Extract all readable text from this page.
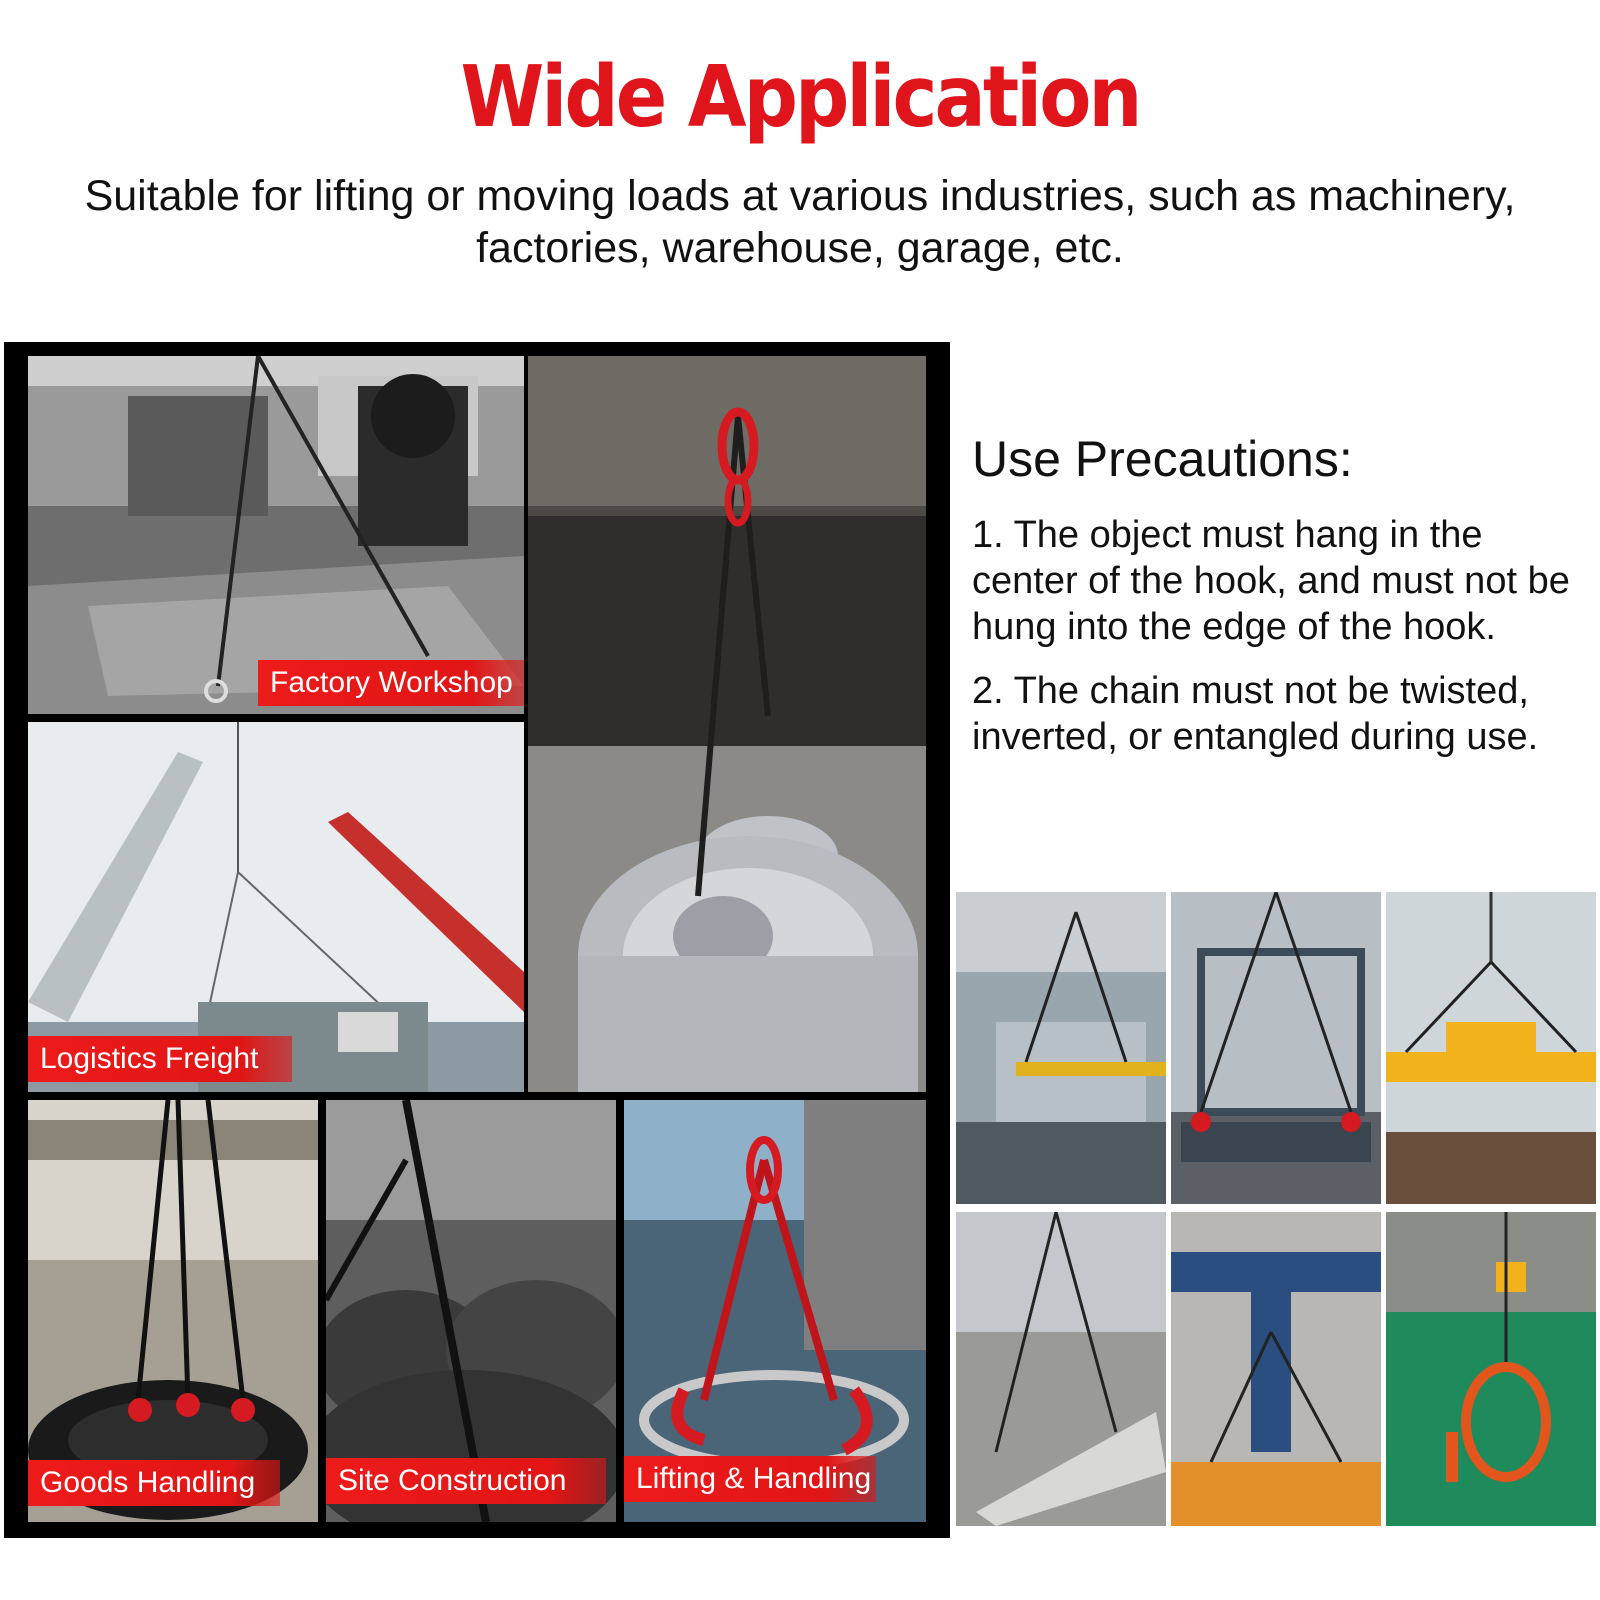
Wide Application
Suitable for lifting or moving loads at various industries, such as machinery, factories, warehouse, garage, etc.
Factory Workshop
Logistics Freight
Goods Handling	Site Construction	Lifting & Handling
Use Precautions:
1. The object must hang in the center of the hook, and must not be hung into the edge of the hook.
2. The chain must not be twisted, inverted, or entangled during use.
